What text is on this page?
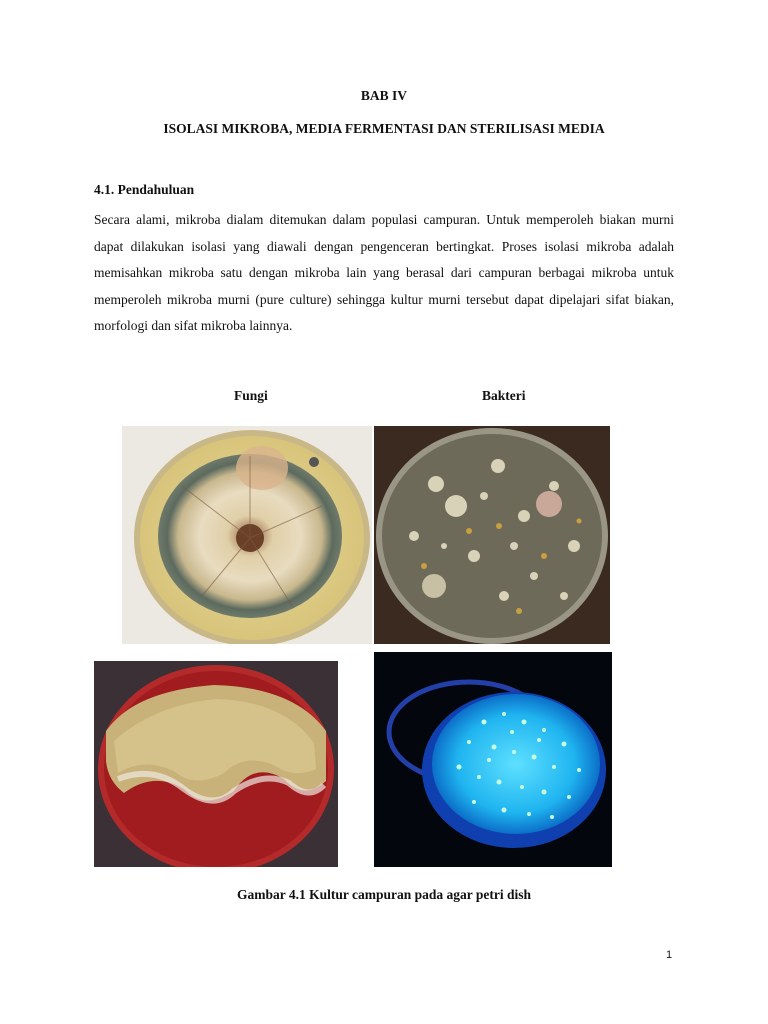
BAB IV
ISOLASI MIKROBA, MEDIA FERMENTASI DAN STERILISASI MEDIA
4.1. Pendahuluan

Secara alami, mikroba dialam ditemukan dalam populasi campuran. Untuk memperoleh biakan murni dapat dilakukan isolasi yang diawali dengan pengenceran bertingkat. Proses isolasi mikroba adalah memisahkan mikroba satu dengan mikroba lain yang berasal dari campuran berbagai mikroba untuk memperoleh mikroba murni (pure culture) sehingga kultur murni tersebut dapat dipelajari sifat biakan, morfologi dan sifat mikroba lainnya.

Fungi	Bakteri
Gambar 4.1 Kultur campuran pada agar petri dish
1
